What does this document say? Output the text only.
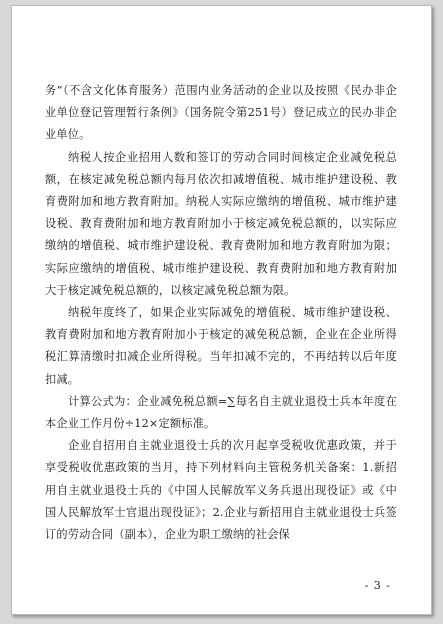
务”（不含文化体育服务）范围内业务活动的企业以及按照《民办非企业单位登记管理暂行条例》（国务院令第251号）登记成立的民办非企业单位。

纳税人按企业招用人数和签订的劳动合同时间核定企业减免税总额，在核定减免税总额内每月依次扣减增值税、城市维护建设税、教育费附加和地方教育附加。纳税人实际应缴纳的增值税、城市维护建设税、教育费附加和地方教育附加小于核定减免税总额的，以实际应缴纳的增值税、城市维护建设税、教育费附加和地方教育附加为限；实际应缴纳的增值税、城市维护建设税、教育费附加和地方教育附加大于核定减免税总额的，以核定减免税总额为限。

纳税年度终了，如果企业实际减免的增值税、城市维护建设税、教育费附加和地方教育附加小于核定的减免税总额，企业在企业所得税汇算清缴时扣减企业所得税。当年扣减不完的，不再结转以后年度扣减。

计算公式为：企业减免税总额=∑每名自主就业退役士兵本年度在本企业工作月份÷12×定额标准。

企业自招用自主就业退役士兵的次月起享受税收优惠政策，并于享受税收优惠政策的当月，持下列材料向主管税务机关备案：1.新招用自主就业退役士兵的《中国人民解放军义务兵退出现役证》或《中国人民解放军士官退出现役证》；2.企业与新招用自主就业退役士兵签订的劳动合同（副本），企业为职工缴纳的社会保

- 3 -
